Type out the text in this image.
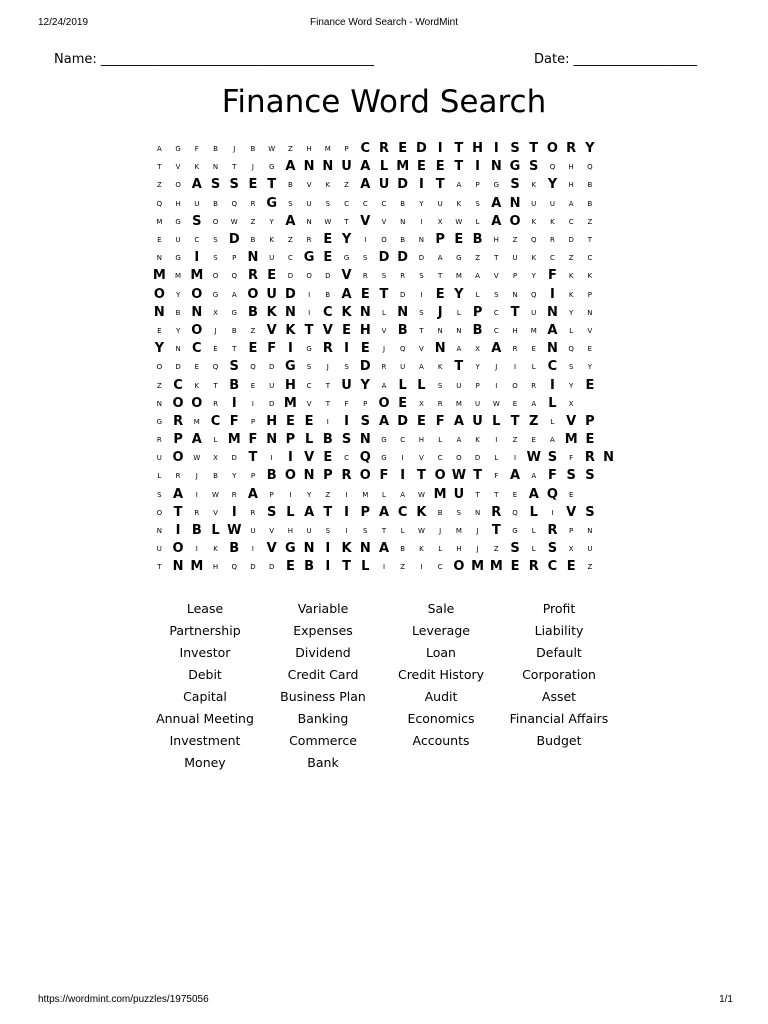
12/24/2019	Finance Word Search - WordMint
Name: __________________________________________	Date: ___________________
Finance Word Search
A	G	F	B	J	B	W	Z	H	M	P	C	R	E	D	I	T	H	I	S	T	O	R	Y	
T	V	K	N	T	J	G	A	N	N	U	A	L	M	E	E	T	I	N	G	S	Q	H	Q	
Z	O	A	S	S	E	T	B	V	K	Z	A	U	D	I	T	A	P	G	S	K	Y	H	B	
Q	H	U	B	Q	R	G	S	U	S	C	C	C	B	Y	U	K	S	A	N	U	U	A	B	
M	G	S	O	W	Z	Y	A	N	W	T	V	V	N	I	X	W	L	A	O	K	K	C	Z	
E	U	C	S	D	B	K	Z	R	E	Y	I	O	B	N	P	E	B	H	Z	Q	R	D	T	
N	G	I	S	P	N	U	C	G	E	G	S	D	D	D	A	G	Z	T	U	K	C	Z	C	
M	M	M	O	Q	R	E	D	O	D	V	R	S	R	S	T	M	A	V	P	Y	F	K	K	
O	Y	O	G	A	O	U	D	I	B	A	E	T	D	I	E	Y	L	S	N	Q	I	K	P	
N	B	N	X	G	B	K	N	I	C	K	N	L	N	S	J	L	P	C	T	U	N	Y	N	
E	Y	O	J	B	Z	V	K	T	V	E	H	V	B	T	N	N	B	C	H	M	A	L	V	
Y	N	C	E	T	E	F	I	G	R	I	E	J	Q	V	N	A	X	A	R	E	N	Q	E	
O	D	E	Q	S	Q	D	G	S	J	S	D	R	U	A	K	T	Y	J	I	L	C	S	Y	
Z	C	K	T	B	E	U	H	C	T	U	Y	A	L	L	S	U	P	I	O	R	I	Y	E	
N	O	O	R	I	I	D	M	V	T	F	P	O	E	X	R	M	U	W	E	A	L	X		
G	R	M	C	F	P	H	E	E	I	I	S	A	D	E	F	A	U	L	T	Z	L	V	P	
R	P	A	L	M	F	N	P	L	B	S	N	G	C	H	L	A	K	I	Z	E	A	M	E	
U	O	W	X	D	T	I	I	V	E	C	Q	G	I	V	C	O	D	L	I	W	S	F	R	N
L	R	J	B	Y	P	B	O	N	P	R	O	F	I	T	O	W	T	F	A	A	F	S	S	
S	A	I	W	R	A	P	I	Y	Z	I	M	L	A	W	M	U	T	T	E	A	Q	E		
O	T	R	V	I	R	S	L	A	T	I	P	A	C	K	B	S	N	R	Q	L	I	V	S	
N	I	B	L	W	U	V	H	U	S	I	S	T	L	W	J	M	J	T	G	L	R	P	N	
U	O	I	K	B	I	V	G	N	I	K	N	A	B	K	L	H	J	Z	S	L	S	X	U	
T	N	M	H	Q	D	D	E	B	I	T	L	I	Z	I	C	O	M	M	E	R	C	E	Z	
Lease	Variable	Sale	Profit
Partnership	Expenses	Leverage	Liability
Investor	Dividend	Loan	Default
Debit	Credit Card	Credit History	Corporation
Capital	Business Plan	Audit	Asset
Annual Meeting	Banking	Economics	Financial Affairs
Investment	Commerce	Accounts	Budget
Money	Bank
https://wordmint.com/puzzles/1975056	1/1
